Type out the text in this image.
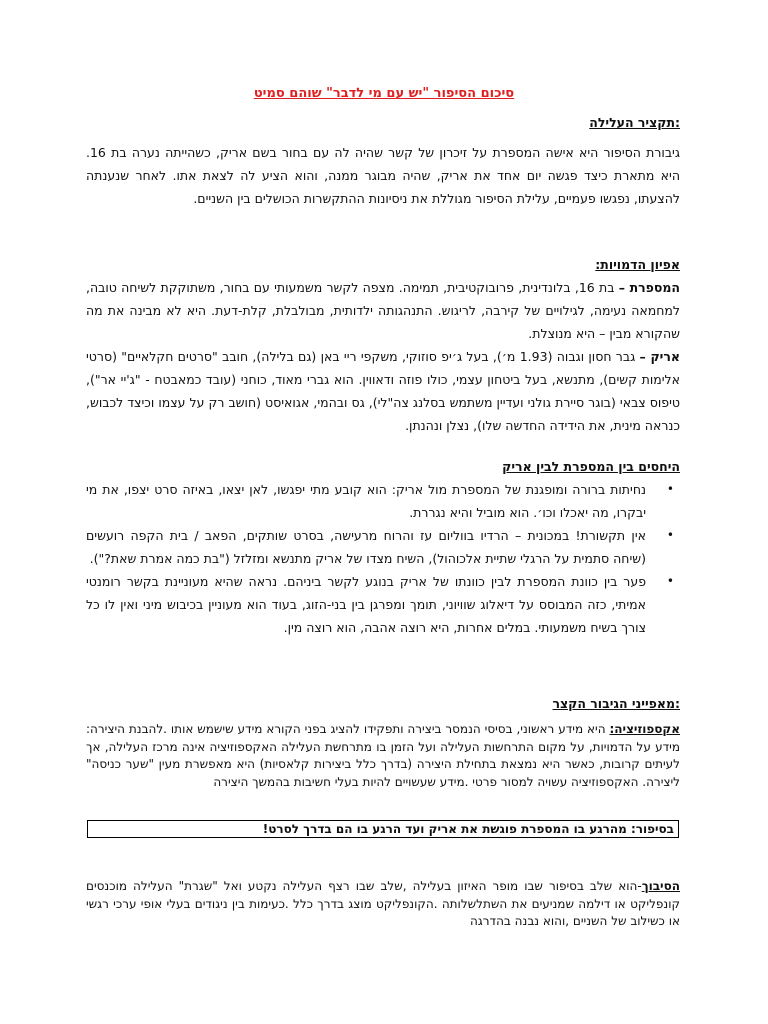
סיכום הסיפור "יש עם מי לדבר" שוהם סמיט

:תקציר העלילה

גיבורת הסיפור היא אישה המספרת על זיכרון של קשר שהיה לה עם בחור בשם אריק, כשהייתה נערה בת 16. היא מתארת כיצד פגשה יום אחד את אריק, שהיה מבוגר ממנה, והוא הציע לה לצאת אתו. לאחר שנענתה להצעתו, נפגשו פעמיים, עלילת הסיפור מגוללת את ניסיונות ההתקשרות הכושלים בין השניים.

אפיון הדמויות:

המספרת – בת 16, בלונדינית, פרובוקטיבית, תמימה. מצפה לקשר משמעותי עם בחור, משתוקקת לשיחה טובה, למחמאה נעימה, לגילויים של קירבה, לריגוש. התנהגותה ילדותית, מבולבלת, קלת-דעת. היא לא מבינה את מה שהקורא מבין – היא מנוצלת.

אריק – גבר חסון וגבוה (1.93 מ׳), בעל ג׳יפ סוזוקי, משקפי ריי באן (גם בלילה), חובב "סרטים חקלאיים" (סרטי אלימות קשים), מתנשא, בעל ביטחון עצמי, כולו פוזה ודאווין. הוא גברי מאוד, כוחני (עובד כמאבטח - "ג'יי אר"), טיפוס צבאי (בוגר סיירת גולני ועדיין משתמש בסלנג צה"לי), גס ובהמי, אגואיסט (חושב רק על עצמו וכיצד לכבוש, כנראה מינית, את הידידה החדשה שלו), נצלן ונהנתן.

היחסים בין המספרת לבין אריק

•
נחיתות ברורה ומופגנת של המספרת מול אריק: הוא קובע מתי יפגשו, לאן יצאו, באיזה סרט יצפו, את מי יבקרו, מה יאכלו וכו׳. הוא מוביל והיא נגררת.
•
אין תקשורת! במכונית – הרדיו בווליום עז והרוח מרעישה, בסרט שותקים, הפאב / בית הקפה רועשים (שיחה סתמית על הרגלי שתיית אלכוהול), השיח מצדו של אריק מתנשא ומזלזל ("בת כמה אמרת שאת?").
•
פער בין כוונת המספרת לבין כוונתו של אריק בנוגע לקשר ביניהם. נראה שהיא מעוניינת בקשר רומנטי אמיתי, כזה המבוסס על דיאלוג שוויוני, תומך ומפרגן בין בני-הזוג, בעוד הוא מעוניין בכיבוש מיני ואין לו כל צורך בשיח משמעותי. במלים אחרות, היא רוצה אהבה, הוא רוצה מין.

:מאפייני הגיבור הקצר

אקספוזיציה: היא מידע ראשוני, בסיסי הנמסר ביצירה ותפקידו להציג בפני הקורא מידע שישמש אותו .להבנת היצירה: מידע על הדמויות, על מקום התרחשות העלילה ועל הזמן בו מתרחשת העלילה האקספוזיציה אינה מרכז העלילה, אך לעיתים קרובות, כאשר היא נמצאת בתחילת היצירה (בדרך כלל ביצירות קלאסיות) היא מאפשרת מעין "שער כניסה" ליצירה. האקספוזיציה עשויה למסור פרטי .מידע שעשויים להיות בעלי חשיבות בהמשך היצירה

בסיפור: מהרגע בו המספרת פוגשת את אריק ועד הרגע בו הם בדרך לסרט!

הסיבוך-הוא שלב בסיפור שבו מופר האיזון בעלילה ,שלב שבו רצף העלילה נקטע ואל "שגרת" העלילה מוכנסים קונפליקט או דילמה שמניעים את השתלשלותה .הקונפליקט מוצג בדרך כלל .כעימות בין ניגודים בעלי אופי ערכי רגשי או כשילוב של השניים ,והוא נבנה בהדרגה
